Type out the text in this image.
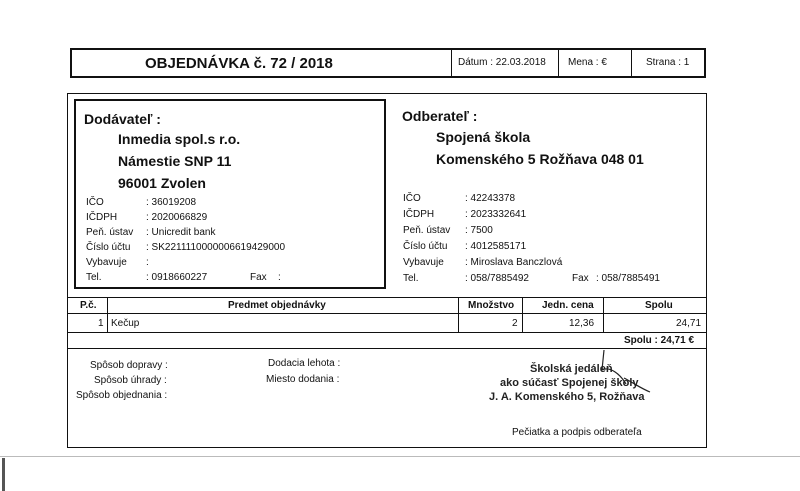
OBJEDNÁVKA č. 72 / 2018	Dátum : 22.03.2018 Mena : €	Strana : 1
Dodávateľ :
Inmedia spol.s r.o.
Námestie SNP 11
96001 Zvolen
IČO	: 36019208
IČDPH	: 2020066829
Peň. ústav : Unicredit bank
Číslo účtu : SK2211110000006619429000
Vybavuje :
Tel.	: 0918660227	Fax :
Odberateľ :
Spojená škola
Komenského 5 Rožňava 048 01
IČO	: 42243378
IČDPH	: 2023332641
Peň. ústav : 7500
Číslo účtu : 4012585171
Vybavuje : Miroslava Banczlová
Tel.	: 058/7885492	Fax : 058/7885491
P.č.	Predmet objednávky	Množstvo	Jedn. cena	Spolu
1 Kečup	2	12,36	24,71
Spolu : 24,71 €
Spôsob dopravy :
Spôsob úhrady :
Spôsob objednania :
Dodacia lehota :
Miesto dodania :
Školská jedáleň
ako súčasť Spojenej školy
J. A. Komenského 5, Rožňava
Pečiatka a podpis odberateľa
